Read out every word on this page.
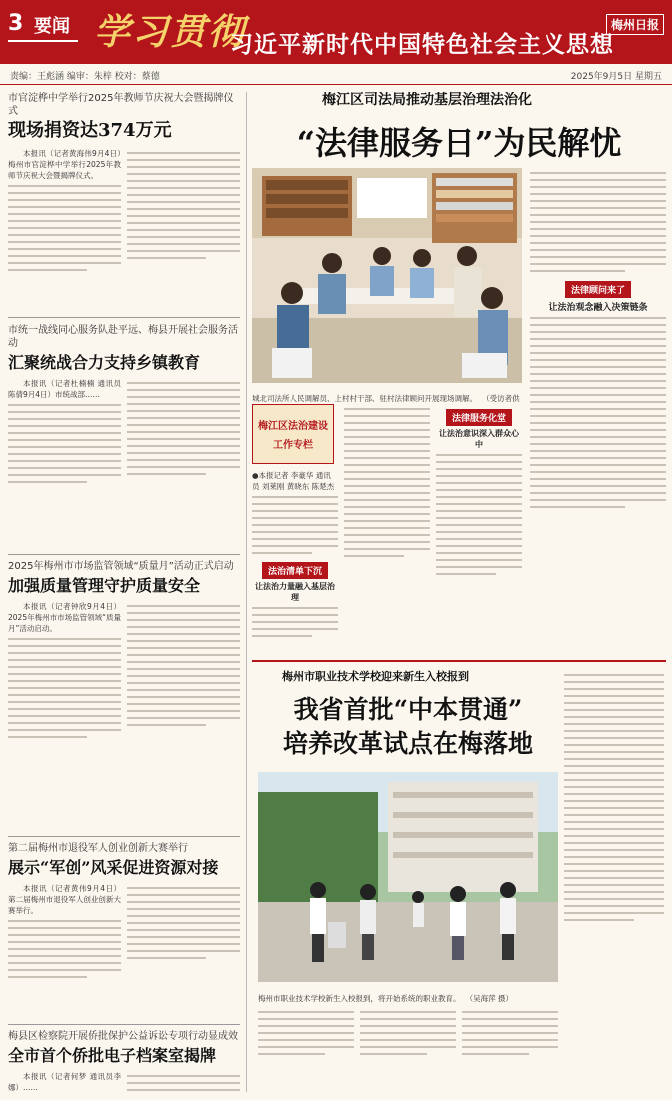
3 要闻 学习贯彻
习近平新时代中国特色社会主义思想
梅州日报
责编：王彪涵 编审：朱梓 校对：蔡德	2025年9月5日 星期五
市官淀桦中学举行2025年教师节庆祝大会暨揭牌仪式
现场捐资达374万元
本报讯（记者黄海伟9月4日）梅州市官淀桦中学举行2025年教师节庆祝大会暨揭牌仪式。
市统一战线同心服务队赴平远、梅县开展社会服务活动
汇聚统战合力支持乡镇教育
本报讯（记者杜楠楠 通讯员陈倩9月4日）市统战部……
2025年梅州市市场监管领域“质量月”活动正式启动
加强质量管理守护质量安全
本报讯（记者钟欣9月4日）2025年梅州市市场监管领域“质量月”活动启动。
第二届梅州市退役军人创业创新大赛举行
展示“军创”风采促进资源对接
本报讯（记者黄伟9月4日）第二届梅州市退役军人创业创新大赛举行。
梅县区检察院开展侨批保护公益诉讼专项行动显成效
全市首个侨批电子档案室揭牌
本报讯（记者何梦 通讯员李娜）……
梅江区司法局推动基层治理法治化
“法律服务日”为民解忧
城北司法所人民调解员、上村村干部、驻村法律顾问开展现场调解。 （受访者供
法律顾问来了
让法治观念融入决策链条
梅江区法治建设
工作专栏
●本报记者 李豪华 通讯员 刘莱刚 黄晓东 陈楚杰
法治清单下沉
让法治力量融入基层治理
法律服务化堂
让法治意识深入群众心中
梅州市职业技术学校迎来新生入校报到
我省首批“中本贯通”
培养改革试点在梅落地
梅州市职业技术学校新生入校报到，将开始系统的职业教育。 （吴海萍 摄）
